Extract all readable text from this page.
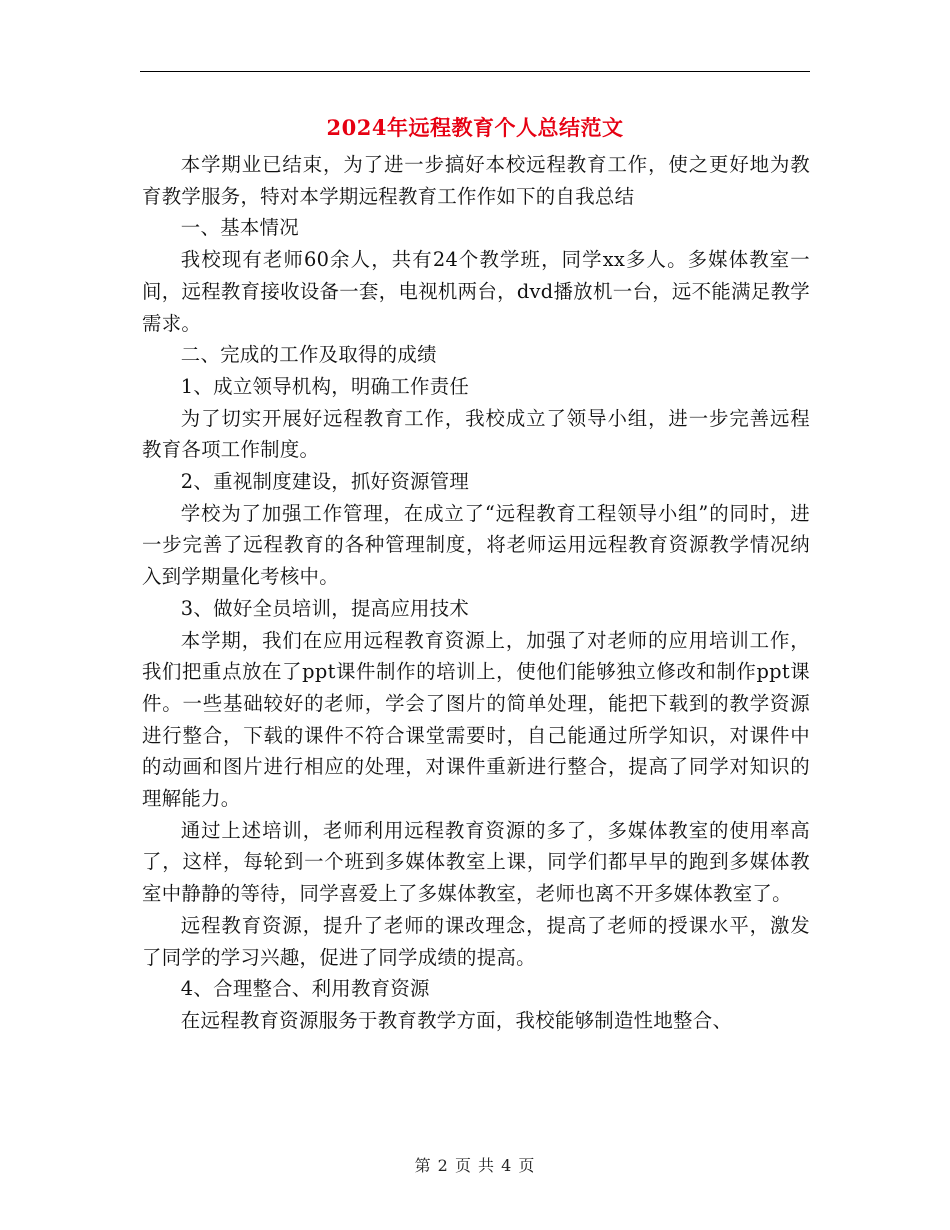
2024年远程教育个人总结范文

本学期业已结束，为了进一步搞好本校远程教育工作，使之更好地为教育教学服务，特对本学期远程教育工作作如下的自我总结

一、基本情况

我校现有老师60余人，共有24个教学班，同学xx多人。多媒体教室一间，远程教育接收设备一套，电视机两台，dvd播放机一台，远不能满足教学需求。

二、完成的工作及取得的成绩

1、成立领导机构，明确工作责任

为了切实开展好远程教育工作，我校成立了领导小组，进一步完善远程教育各项工作制度。

2、重视制度建设，抓好资源管理

学校为了加强工作管理，在成立了“远程教育工程领导小组”的同时，进一步完善了远程教育的各种管理制度，将老师运用远程教育资源教学情况纳入到学期量化考核中。

3、做好全员培训，提高应用技术

本学期，我们在应用远程教育资源上，加强了对老师的应用培训工作，我们把重点放在了ppt课件制作的培训上，使他们能够独立修改和制作ppt课件。一些基础较好的老师，学会了图片的简单处理，能把下载到的教学资源进行整合，下载的课件不符合课堂需要时，自己能通过所学知识，对课件中的动画和图片进行相应的处理，对课件重新进行整合，提高了同学对知识的理解能力。

通过上述培训，老师利用远程教育资源的多了，多媒体教室的使用率高了，这样，每轮到一个班到多媒体教室上课，同学们都早早的跑到多媒体教室中静静的等待，同学喜爱上了多媒体教室，老师也离不开多媒体教室了。

远程教育资源，提升了老师的课改理念，提高了老师的授课水平，激发了同学的学习兴趣，促进了同学成绩的提高。

4、合理整合、利用教育资源

在远程教育资源服务于教育教学方面，我校能够制造性地整合、

第 2 页 共 4 页
